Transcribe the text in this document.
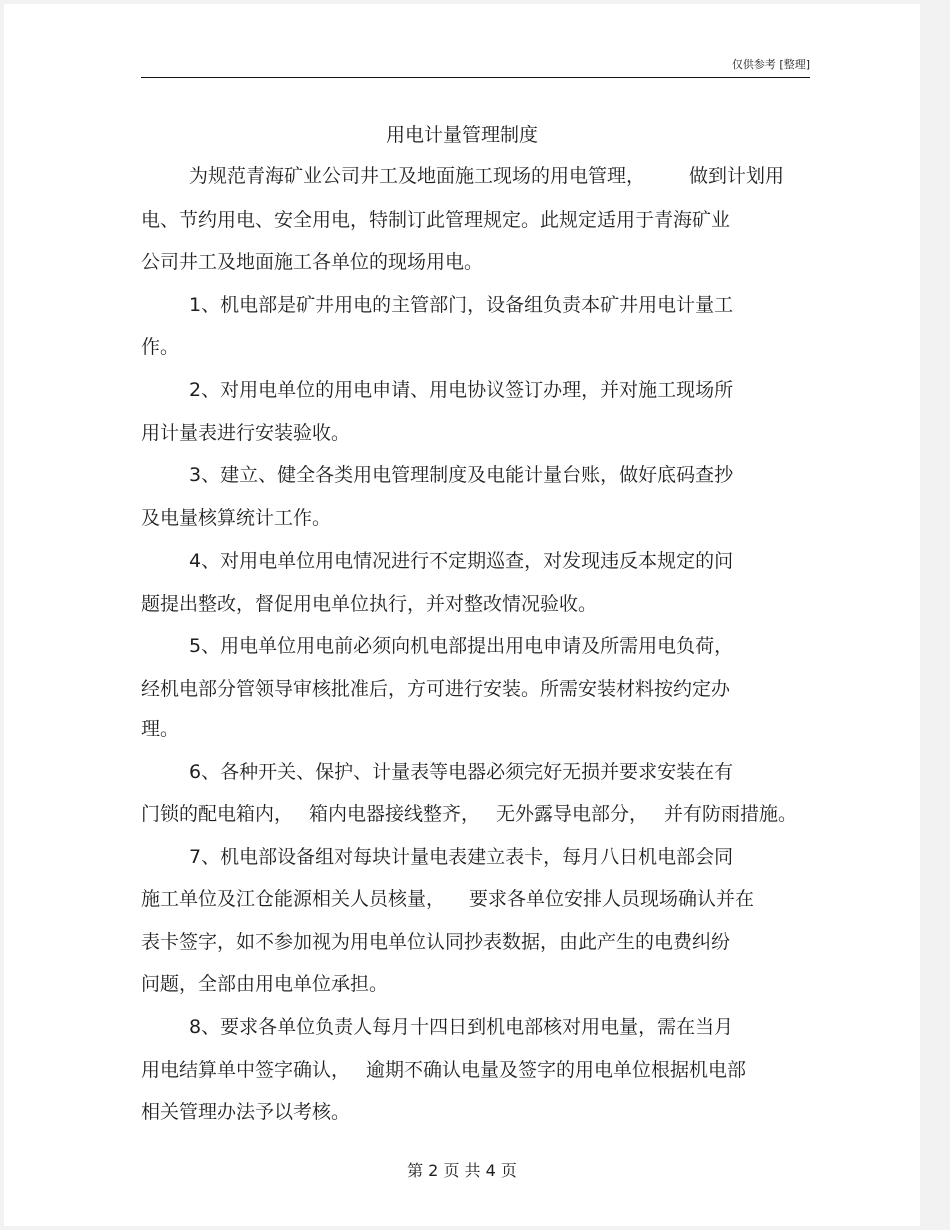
仅供参考 [整理]
用电计量管理制度
为规范青海矿业公司井工及地面施工现场的用电管理， 做到计划用
电、节约用电、安全用电，特制订此管理规定。此规定适用于青海矿业
公司井工及地面施工各单位的现场用电。
1、机电部是矿井用电的主管部门，设备组负责本矿井用电计量工
作。
2、对用电单位的用电申请、用电协议签订办理，并对施工现场所
用计量表进行安装验收。
3、建立、健全各类用电管理制度及电能计量台账，做好底码查抄
及电量核算统计工作。
4、对用电单位用电情况进行不定期巡查，对发现违反本规定的问
题提出整改，督促用电单位执行，并对整改情况验收。
5、用电单位用电前必须向机电部提出用电申请及所需用电负荷，
经机电部分管领导审核批准后，方可进行安装。所需安装材料按约定办
理。
6、各种开关、保护、计量表等电器必须完好无损并要求安装在有
门锁的配电箱内， 箱内电器接线整齐， 无外露导电部分， 并有防雨措施。
7、机电部设备组对每块计量电表建立表卡，每月八日机电部会同
施工单位及江仓能源相关人员核量， 要求各单位安排人员现场确认并在
表卡签字，如不参加视为用电单位认同抄表数据，由此产生的电费纠纷
问题，全部由用电单位承担。
8、要求各单位负责人每月十四日到机电部核对用电量，需在当月
用电结算单中签字确认， 逾期不确认电量及签字的用电单位根据机电部
相关管理办法予以考核。
第 2 页 共 4 页
